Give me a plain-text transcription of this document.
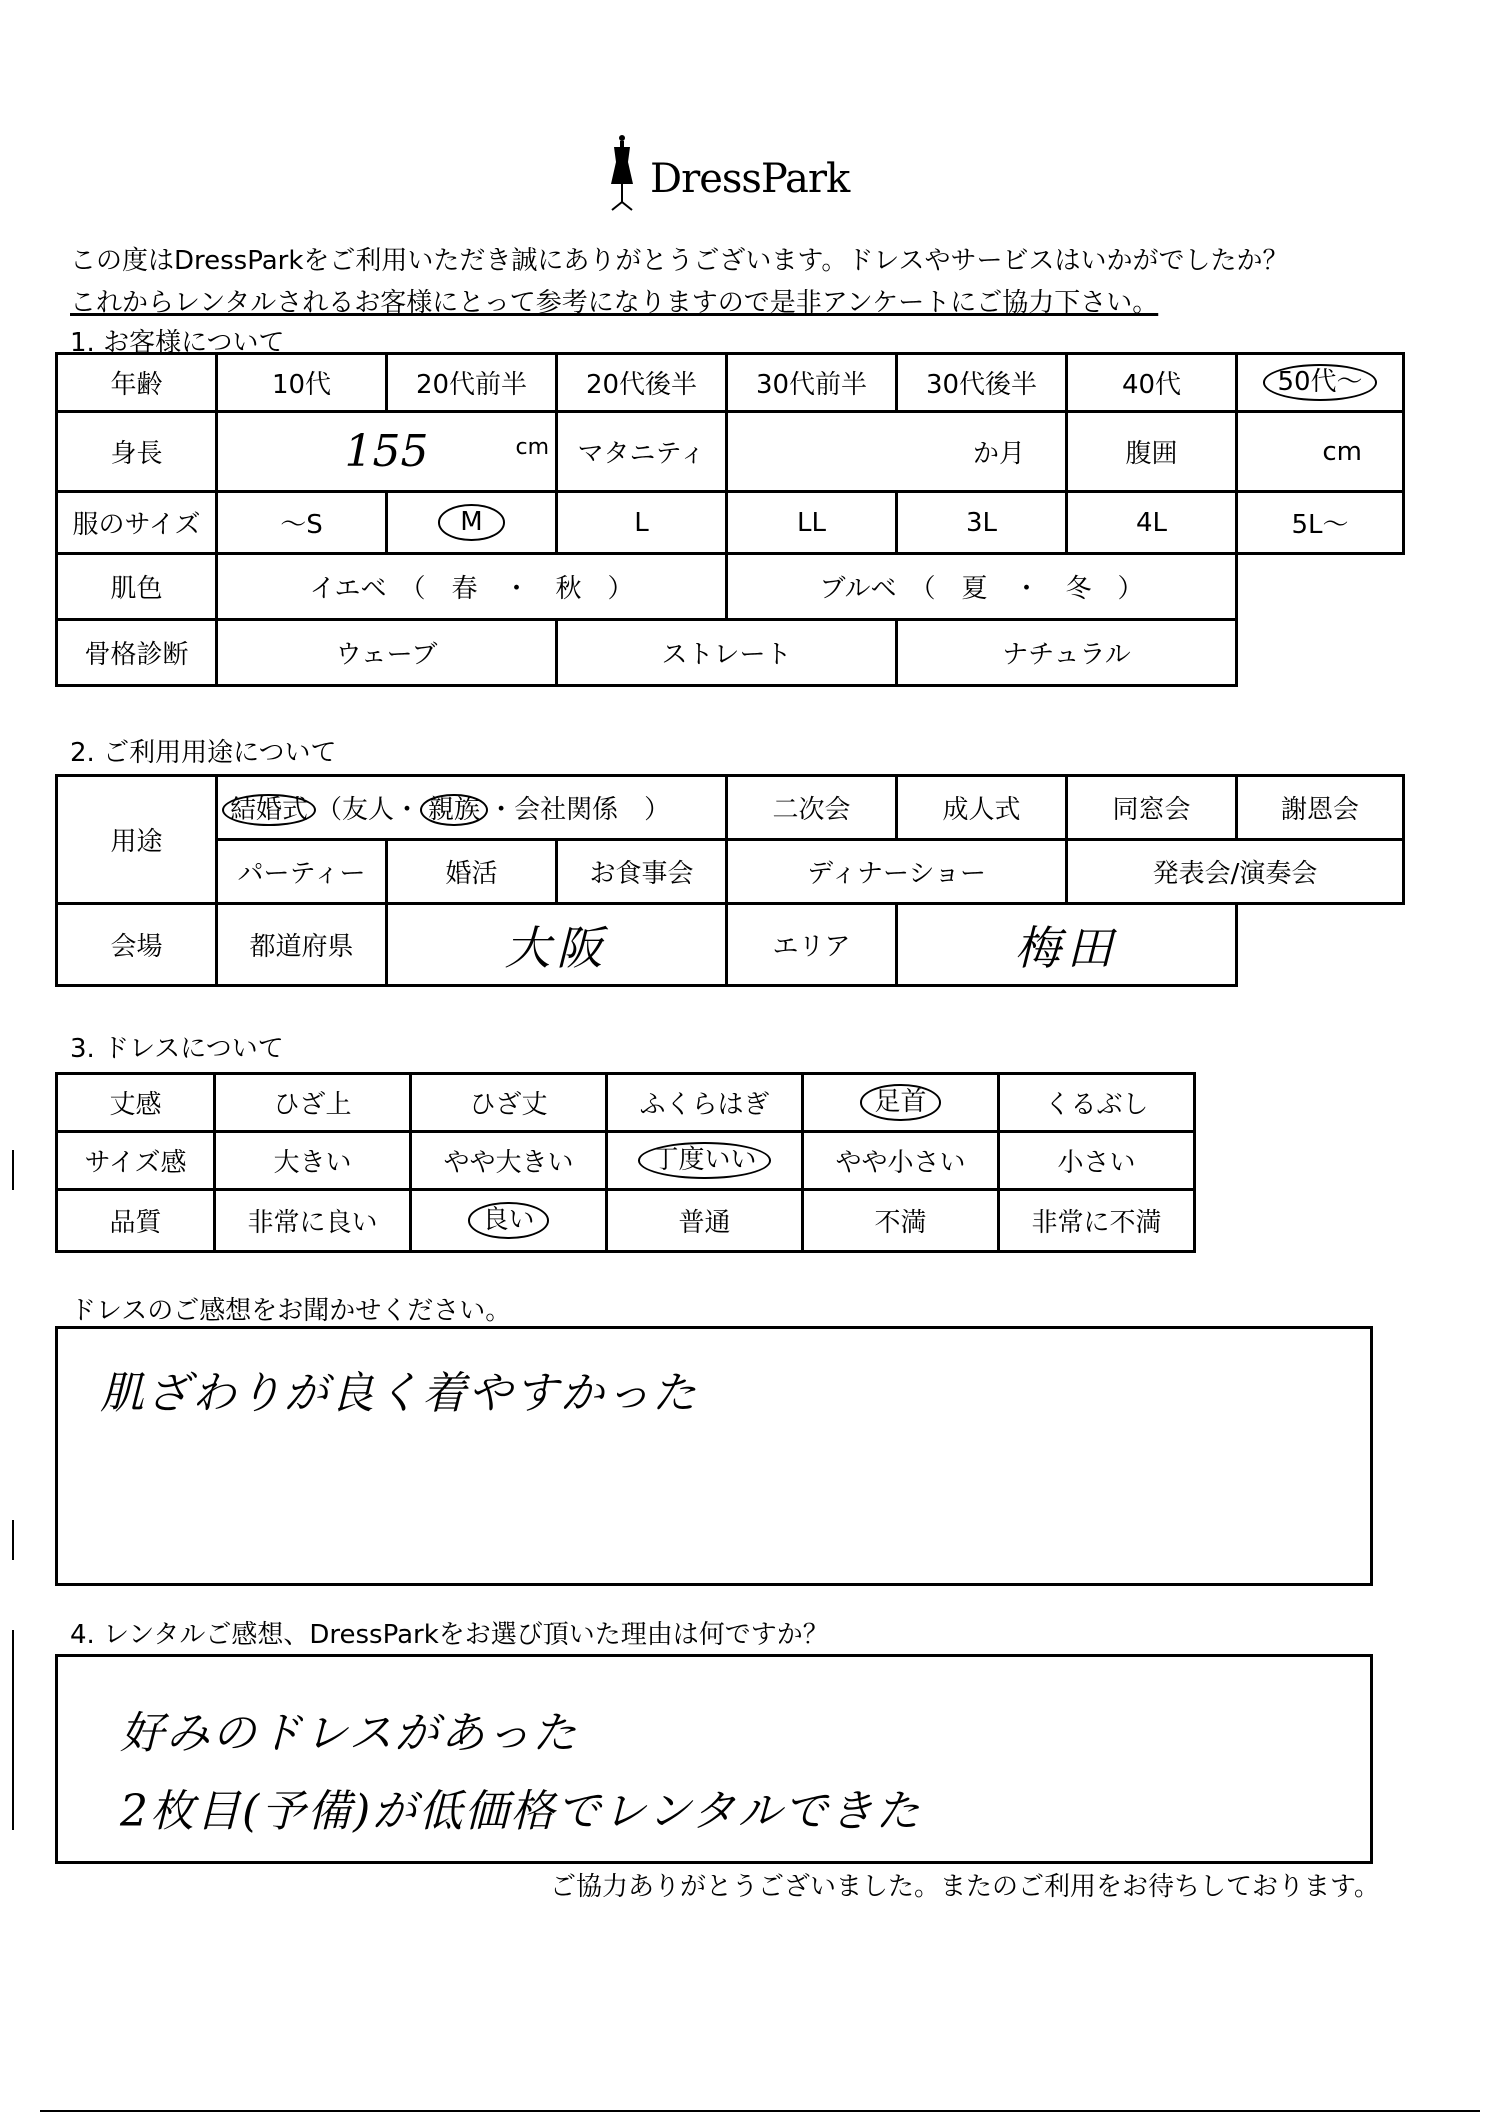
DressPark
この度はDressParkをご利用いただき誠にありがとうございます。ドレスやサービスはいかがでしたか？
これからレンタルされるお客様にとって参考になりますので是非アンケートにご協力下さい。
1. お客様について
年齢	10代	20代前半	20代後半	30代前半	30代後半	40代	50代〜
身長	155 cm		マタニティ	か月		腹囲	cm
服のサイズ	〜S	M	L	LL	3L	4L	5L〜
肌色	イエベ　（　春　・　秋　）			ブルベ　（　夏　・　冬　）			
骨格診断	ウェーブ		ストレート		ナチュラル		
2. ご利用用途について
用途	結婚式 （友人・ 親族 ・会社関係　）			二次会	成人式	同窓会	謝恩会
	パーティー	婚活	お食事会	ディナーショー		発表会/演奏会	
会場	都道府県	大阪		エリア	梅田		
3. ドレスについて
丈感	ひざ上	ひざ丈	ふくらはぎ	足首	くるぶし
サイズ感	大きい	やや大きい	丁度いい	やや小さい	小さい
品質	非常に良い	良い	普通	不満	非常に不満
ドレスのご感想をお聞かせください。
肌ざわりが良く着やすかった
4. レンタルご感想、DressParkをお選び頂いた理由は何ですか？
好みのドレスがあった
2枚目(予備)が低価格でレンタルできた
ご協力ありがとうございました。またのご利用をお待ちしております。
